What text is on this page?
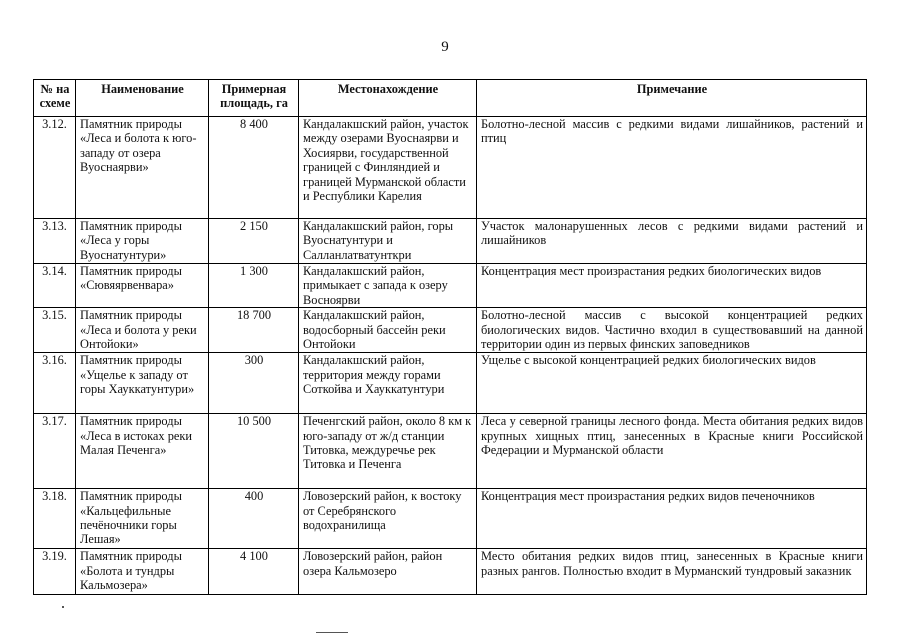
9
№ на схеме	Наименование	Примерная площадь, га	Местонахождение	Примечание
3.12.	Памятник природы «Леса и болота к юго-западу от озера Вуоснаярви»	8 400	Кандалакшский район, участок между озерами Вуоснаярви и Хосиярви, государственной границей с Финляндией и границей Мурманской области и Республики Карелия	Болотно-лесной массив с редкими видами лишайников, растений и птиц
3.13.	Памятник природы «Леса у горы Вуоснатунтури»	2 150	Кандалакшский район, горы Вуоснатунтури и Салланлатватунткри	Участок малонарушенных лесов с редкими видами растений и лишайников
3.14.	Памятник природы «Сювяярвенвара»	1 300	Кандалакшский район, примыкает с запада к озеру Восноярви	Концентрация мест произрастания редких биологических видов
3.15.	Памятник природы «Леса и болота у реки Онтойоки»	18 700	Кандалакшский район, водосборный бассейн реки Онтойоки	Болотно-лесной массив с высокой концентрацией редких биологических видов. Частично входил в существовавший на данной территории один из первых финских заповедников
3.16.	Памятник природы «Ущелье к западу от горы Хауккатунтури»	300	Кандалакшский район, территория между горами Соткойва и Хауккатунтури	Ущелье с высокой концентрацией редких биологических видов
3.17.	Памятник природы «Леса в истоках реки Малая Печенга»	10 500	Печенгский район, около 8 км к юго-западу от ж/д станции Титовка, междуречье рек Титовка и Печенга	Леса у северной границы лесного фонда. Места обитания редких видов крупных хищных птиц, занесенных в Красные книги Российской Федерации и Мурманской области
3.18.	Памятник природы «Кальцефильные печёночники горы Лешая»	400	Ловозерский район, к востоку от Серебрянского водохранилища	Концентрация мест произрастания редких видов печеночников
3.19.	Памятник природы «Болота и тундры Кальмозера»	4 100	Ловозерский район, район озера Кальмозеро	Место обитания редких видов птиц, занесенных в Красные книги разных рангов. Полностью входит в Мурманский тундровый заказник
